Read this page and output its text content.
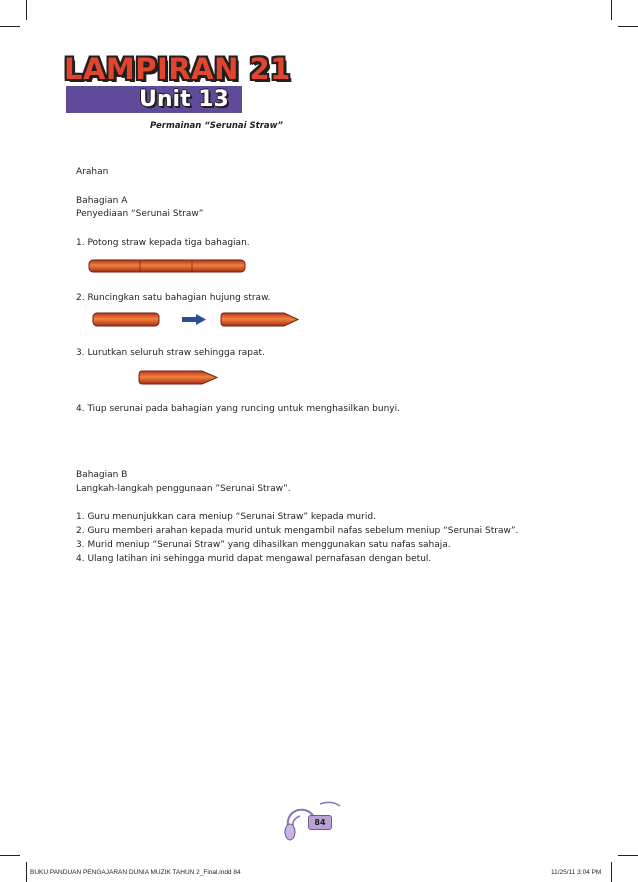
LAMPIRAN 21
Unit 13
Permainan “Serunai Straw”
Arahan
Bahagian A
Penyediaan “Serunai Straw”
1. Potong straw kepada tiga bahagian.
2. Runcingkan satu bahagian hujung straw.
3. Lurutkan seluruh straw sehingga rapat.
4. Tiup serunai pada bahagian yang runcing untuk menghasilkan bunyi.
Bahagian B
Langkah-langkah penggunaan ”Serunai Straw”.
1. Guru menunjukkan cara meniup “Serunai Straw” kepada murid.
2. Guru memberi arahan kepada murid untuk mengambil nafas sebelum meniup “Serunai Straw”.
3. Murid meniup “Serunai Straw” yang dihasilkan menggunakan satu nafas sahaja.
4. Ulang latihan ini sehingga murid dapat mengawal pernafasan dengan betul.
84
BUKU PANDUAN PENGAJARAN DUNIA MUZIK TAHUN 2_Final.indd 84	11/25/11 3:04 PM
